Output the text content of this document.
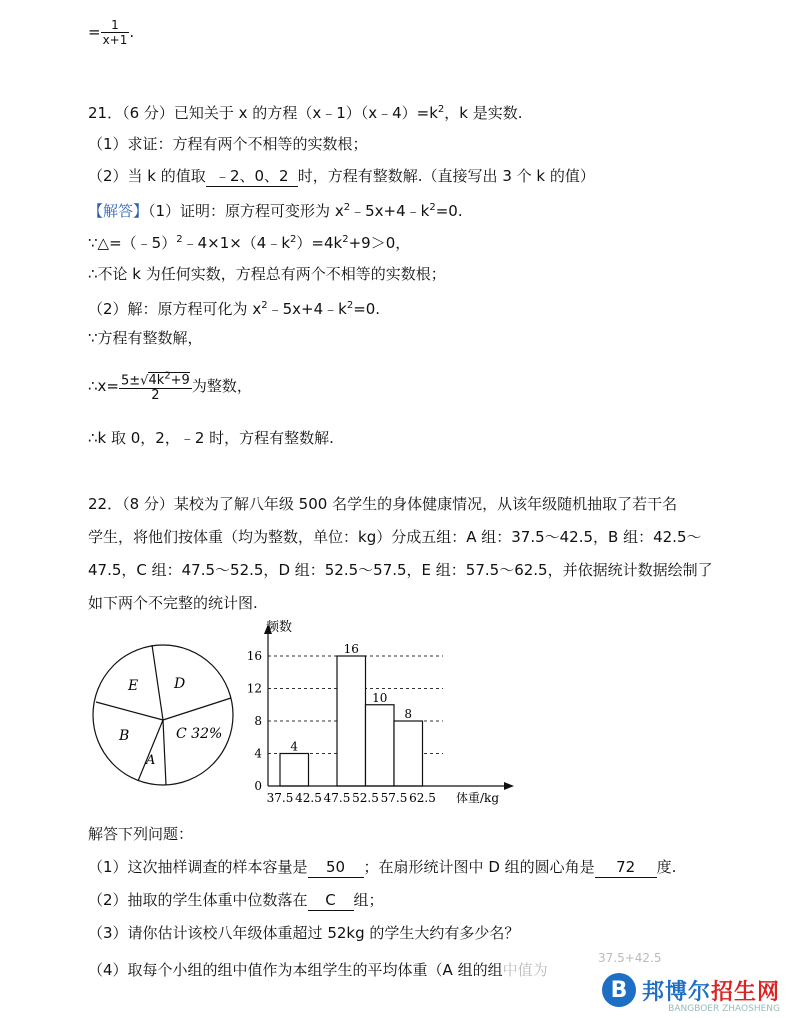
= $\frac{1}{x+1}$ .
21．（6 分）已知关于 x 的方程$(x﹣1)(x﹣4)=k^2$，k 是实数.
（1）求证：方程有两个不相等的实数根；
（2）当 k 的值取 ﹣2、0、2 时，方程有整数解.（直接写出 3 个 k 的值）
【解答】（1）证明：原方程可变形为 $x^2﹣5x+4﹣k^2=0$.
$\because\triangle=(﹣5)^2﹣4\times 1\times(4﹣k^2)=4k^2+9>0$，
∴不论 k 为任何实数，方程总有两个不相等的实数根；
（2）解：原方程可化为 $x^2﹣5x+4﹣k^2=0$.
∵方程有整数解，
∴x= $\frac{5\pm√4k^2+9}{2}$ 为整数，
∴k 取 0，2，﹣2 时，方程有整数解.
22．（8 分）某校为了解八年级 500 名学生的身体健康情况，从该年级随机抽取了若干名
学生，将他们按体重（均为整数，单位：kg）分成五组：A 组：37.5～42.5，B 组：42.5～
47.5，C 组：47.5～52.5，D 组：52.5～57.5，E 组：57.5～62.5，并依据统计数据绘制了
如下两个不完整的统计图.
E	D
B	C 32%
A
0
4
8
12
16
37.5 42.5 47.5 52.5 57.5 62.5
4
16
10
8
频数
体重/kg
解答下列问题：
（1）这次抽样调查的样本容量是 50 ；在扇形统计图中 D 组的圆心角是 72 度.
（2）抽取的学生体重中位数落在 C 组；
（3）请你估计该校八年级体重超过 52kg 的学生大约有多少名？
（4）取每个小组的组中值作为本组学生的平均体重（A 组的组中值为
37.5+42.5
B 邦博尔招生网
BANGBOER ZHAOSHENG
